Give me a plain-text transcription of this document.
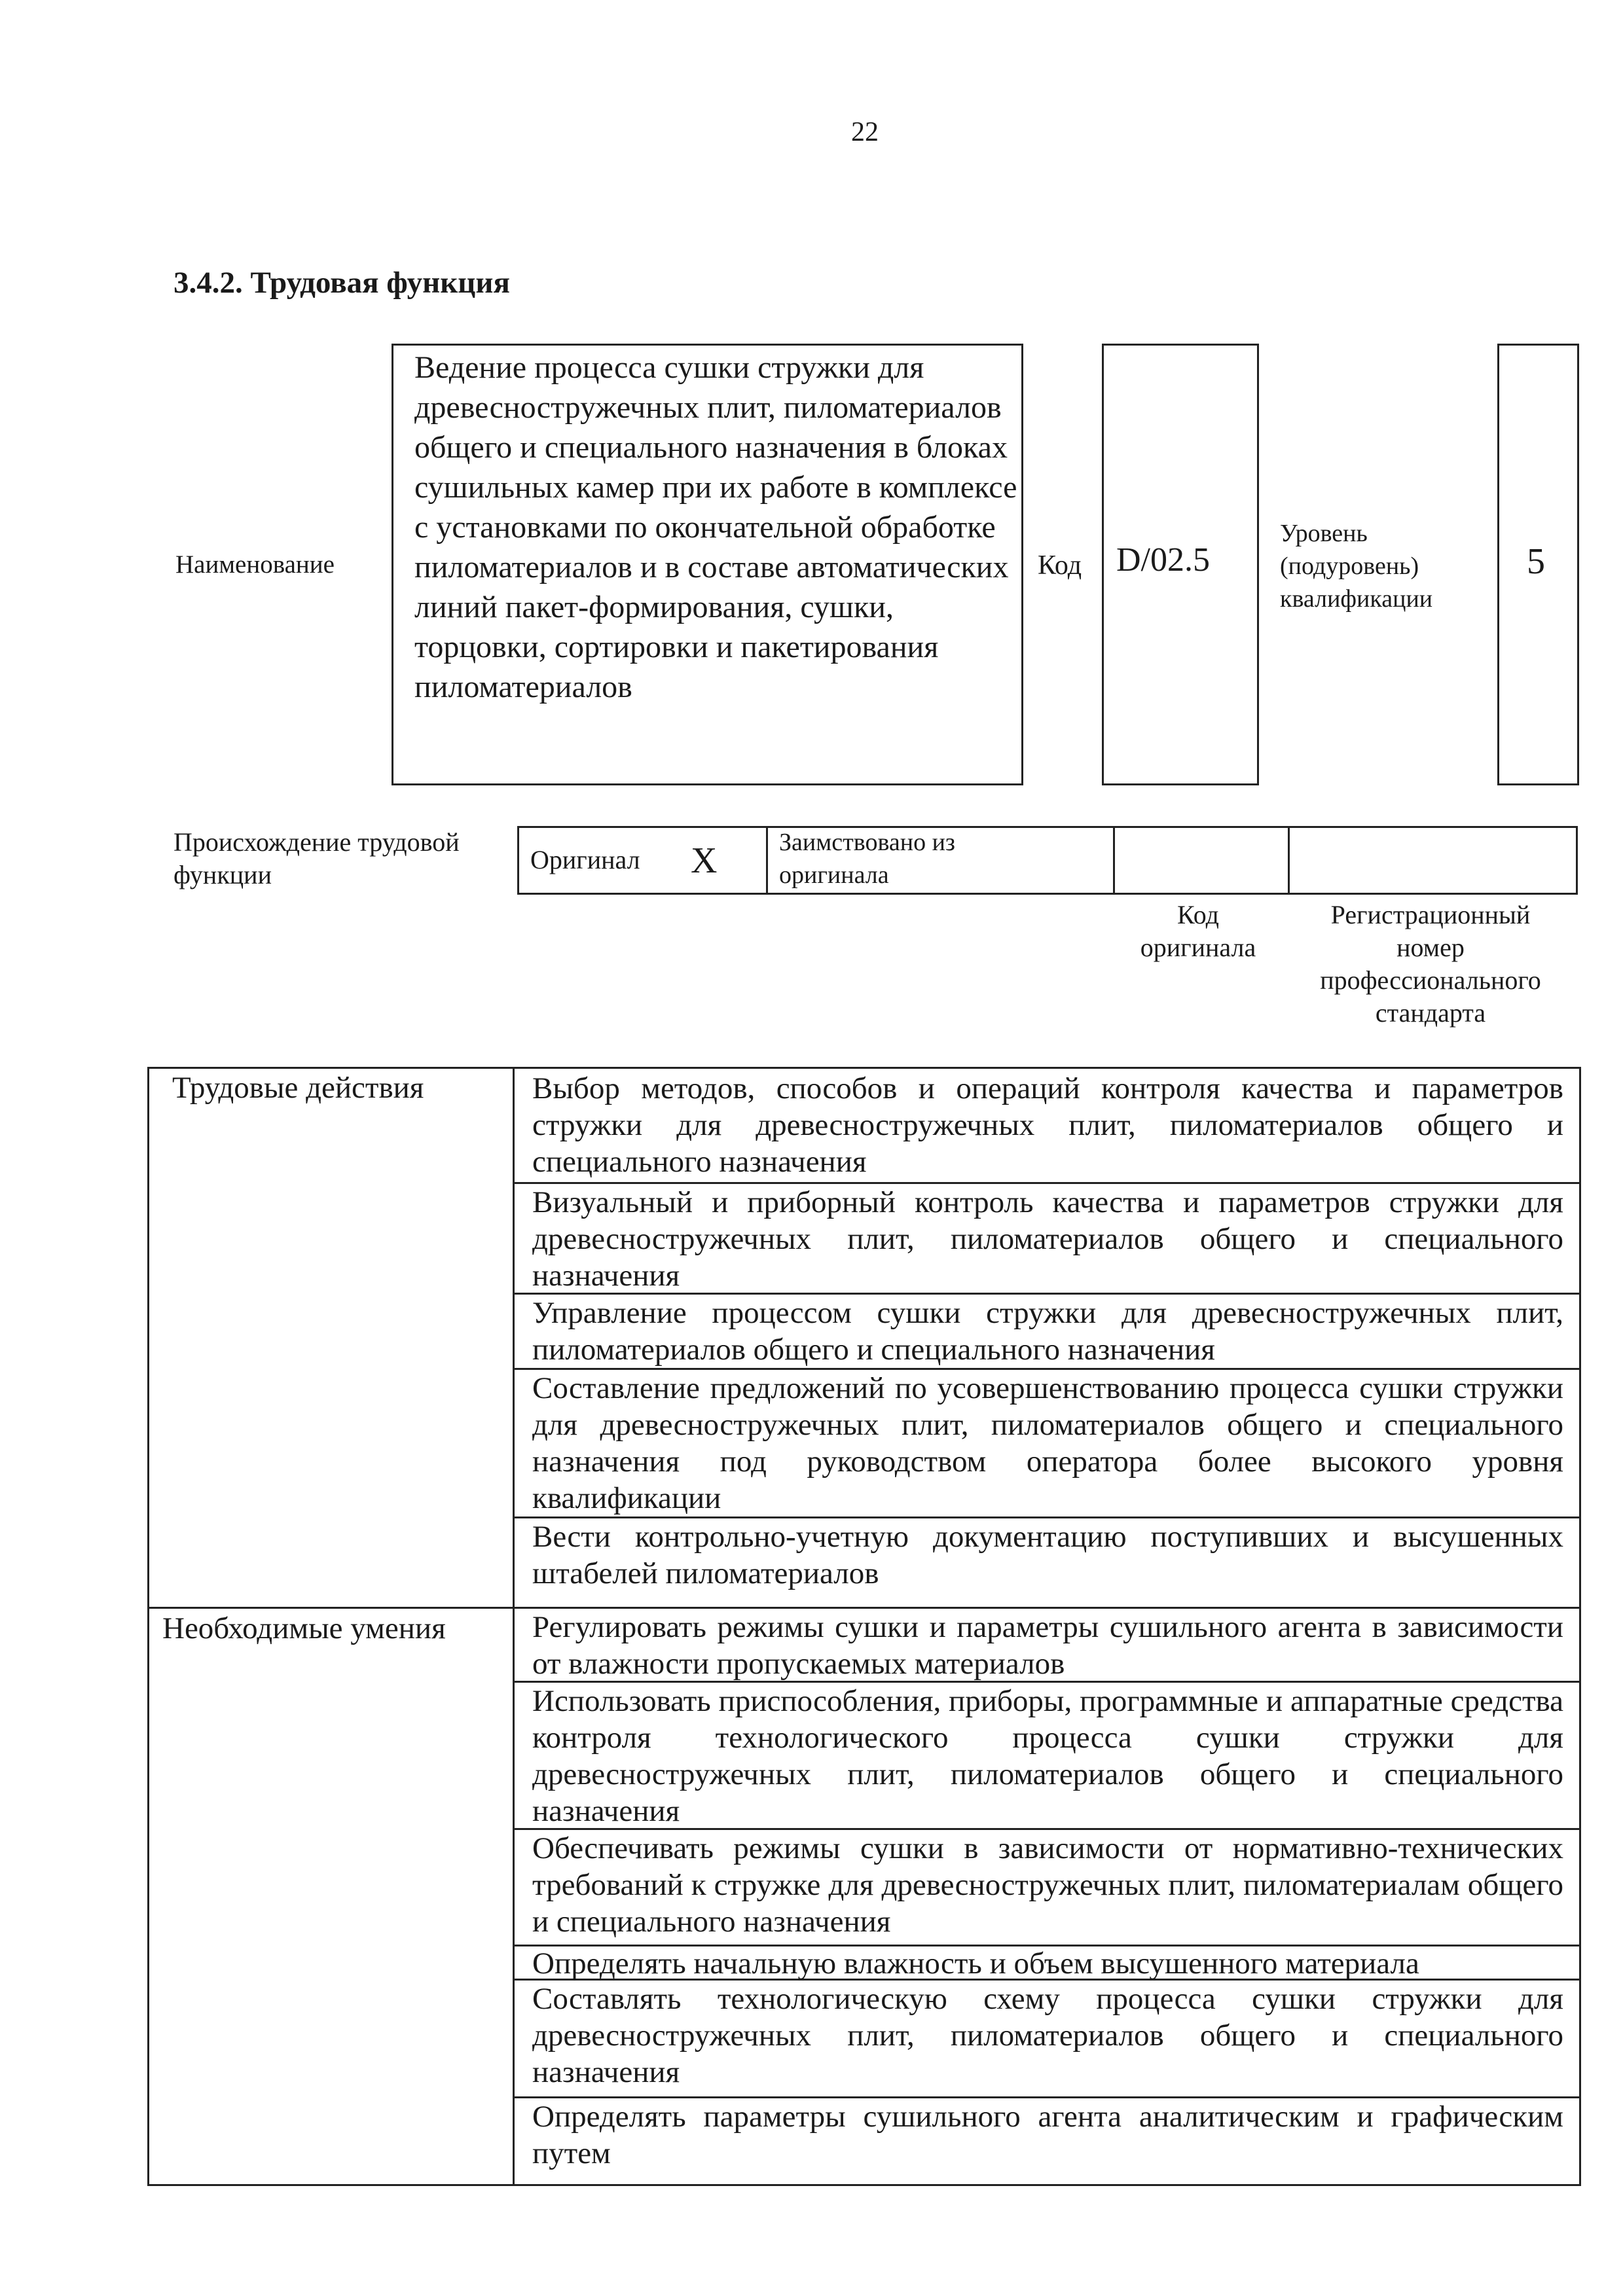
22
3.4.2. Трудовая функция
Наименование
Ведение процесса сушки стружки для древесностружечных плит, пиломатериалов общего и специального назначения в блоках сушильных камер при их работе в комплексе с установками по окончательной обработке пиломатериалов и в составе автоматических линий пакет-формирования, сушки, торцовки, сортировки и пакетирования пиломатериалов
Код D/02.5
Уровень (подуровень) квалификации
5
Происхождение трудовой функции
Оригинал X Заимствовано из оригинала
Код оригинала
Регистрационный номер профессионального стандарта
Трудовые действия
Необходимые умения
Выбор методов, способов и операций контроля качества и параметров стружки для древесностружечных плит, пиломатериалов общего и специального назначения
Визуальный и приборный контроль качества и параметров стружки для древесностружечных плит, пиломатериалов общего и специального назначения
Управление процессом сушки стружки для древесностружечных плит, пиломатериалов общего и специального назначения
Составление предложений по усовершенствованию процесса сушки стружки для древесностружечных плит, пиломатериалов общего и специального назначения под руководством оператора более высокого уровня квалификации
Вести контрольно-учетную документацию поступивших и высушенных штабелей пиломатериалов
Регулировать режимы сушки и параметры сушильного агента в зависимости от влажности пропускаемых материалов
Использовать приспособления, приборы, программные и аппаратные средства контроля технологического процесса сушки стружки для древесностружечных плит, пиломатериалов общего и специального назначения
Обеспечивать режимы сушки в зависимости от нормативно-технических требований к стружке для древесностружечных плит, пиломатериалам общего и специального назначения
Определять начальную влажность и объем высушенного материала
Составлять технологическую схему процесса сушки стружки для древесностружечных плит, пиломатериалов общего и специального назначения
Определять параметры сушильного агента аналитическим и графическим путем
